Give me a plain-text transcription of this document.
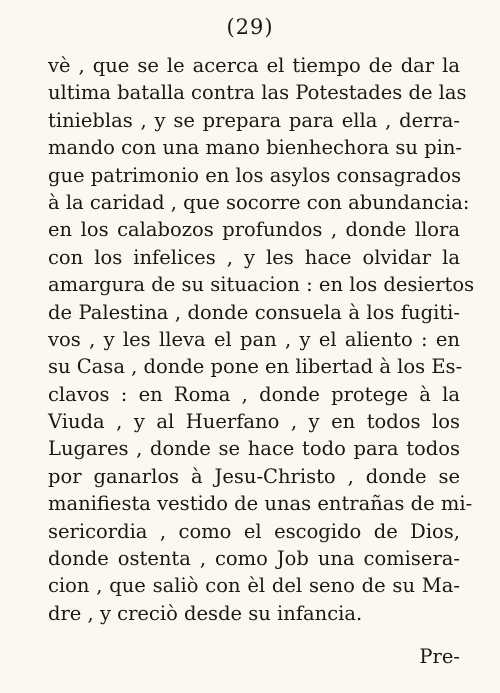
(29)
vè , que se le acerca el tiempo de dar la
ultima batalla contra las Potestades de las
tinieblas , y se prepara para ella , derra-
mando con una mano bienhechora su pin-
gue patrimonio en los asylos consagrados
à la caridad , que socorre con abundancia:
en los calabozos profundos , donde llora
con los infelices , y les hace olvidar la
amargura de su situacion : en los desiertos
de Palestina , donde consuela à los fugiti-
vos , y les lleva el pan , y el aliento : en
su Casa , donde pone en libertad à los Es-
clavos : en Roma , donde protege à la
Viuda , y al Huerfano , y en todos los
Lugares , donde se hace todo para todos
por ganarlos à Jesu-Christo , donde se
manifiesta vestido de unas entrañas de mi-
sericordia , como el escogido de Dios,
donde ostenta , como Job una comisera-
cion , que saliò con èl del seno de su Ma-
dre , y creciò desde su infancia.
Pre-
